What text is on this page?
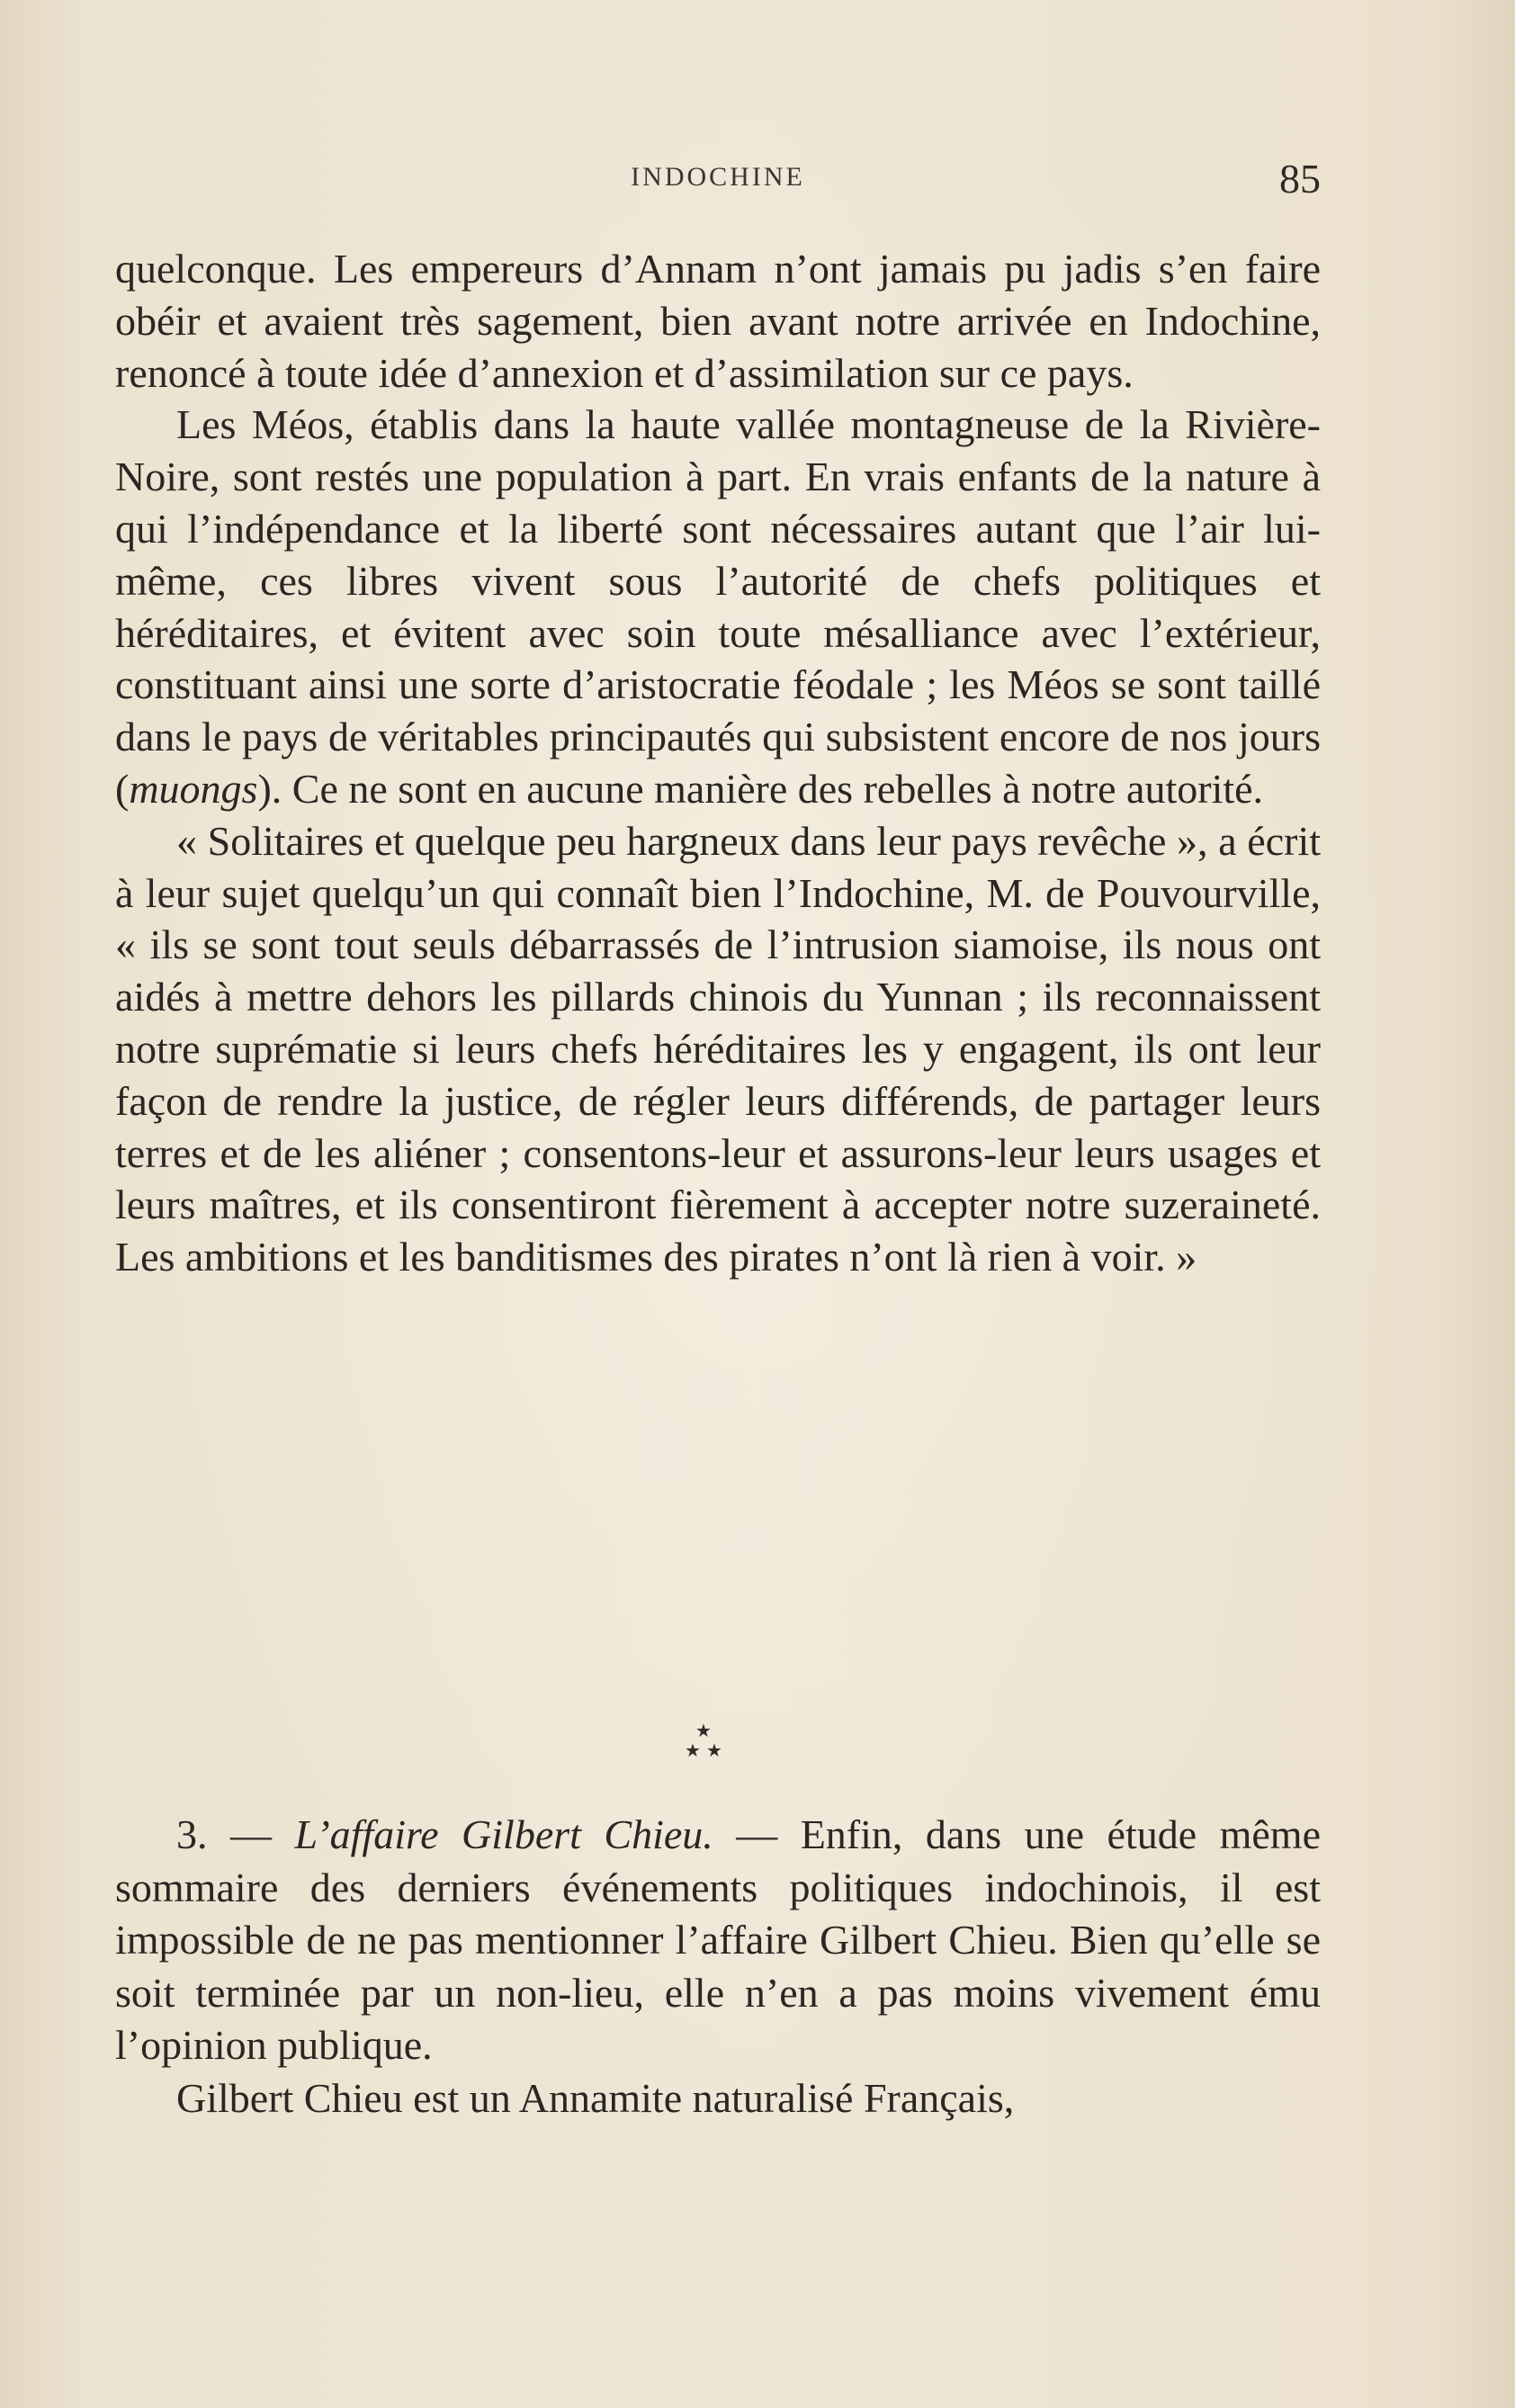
INDOCHINE	85

quelconque. Les empereurs d’Annam n’ont jamais pu jadis s’en faire obéir et avaient très sagement, bien avant notre arrivée en Indochine, renoncé à toute idée d’annexion et d’assimilation sur ce pays.

Les Méos, établis dans la haute vallée montagneuse de la Rivière-Noire, sont restés une population à part. En vrais enfants de la nature à qui l’indépendance et la liberté sont nécessaires autant que l’air lui-même, ces libres vivent sous l’autorité de chefs politiques et héréditaires, et évitent avec soin toute mésalliance avec l’extérieur, constituant ainsi une sorte d’aristocratie féodale ; les Méos se sont taillé dans le pays de véritables principautés qui subsistent encore de nos jours (muongs). Ce ne sont en aucune manière des rebelles à notre autorité.

« Solitaires et quelque peu hargneux dans leur pays revêche », a écrit à leur sujet quelqu’un qui connaît bien l’Indochine, M. de Pouvourville, « ils se sont tout seuls débarrassés de l’intrusion siamoise, ils nous ont aidés à mettre dehors les pillards chinois du Yunnan ; ils reconnaissent notre suprématie si leurs chefs héréditaires les y engagent, ils ont leur façon de rendre la justice, de régler leurs différends, de partager leurs terres et de les aliéner ; consentons-leur et assurons-leur leurs usages et leurs maîtres, et ils consentiront fièrement à accepter notre suzeraineté. Les ambitions et les banditismes des pirates n’ont là rien à voir. »

★
★ ★

3. — L’affaire Gilbert Chieu. — Enfin, dans une étude même sommaire des derniers événements politiques indochinois, il est impossible de ne pas mentionner l’affaire Gilbert Chieu. Bien qu’elle se soit terminée par un non-lieu, elle n’en a pas moins vivement ému l’opinion publique.

Gilbert Chieu est un Annamite naturalisé Français,
